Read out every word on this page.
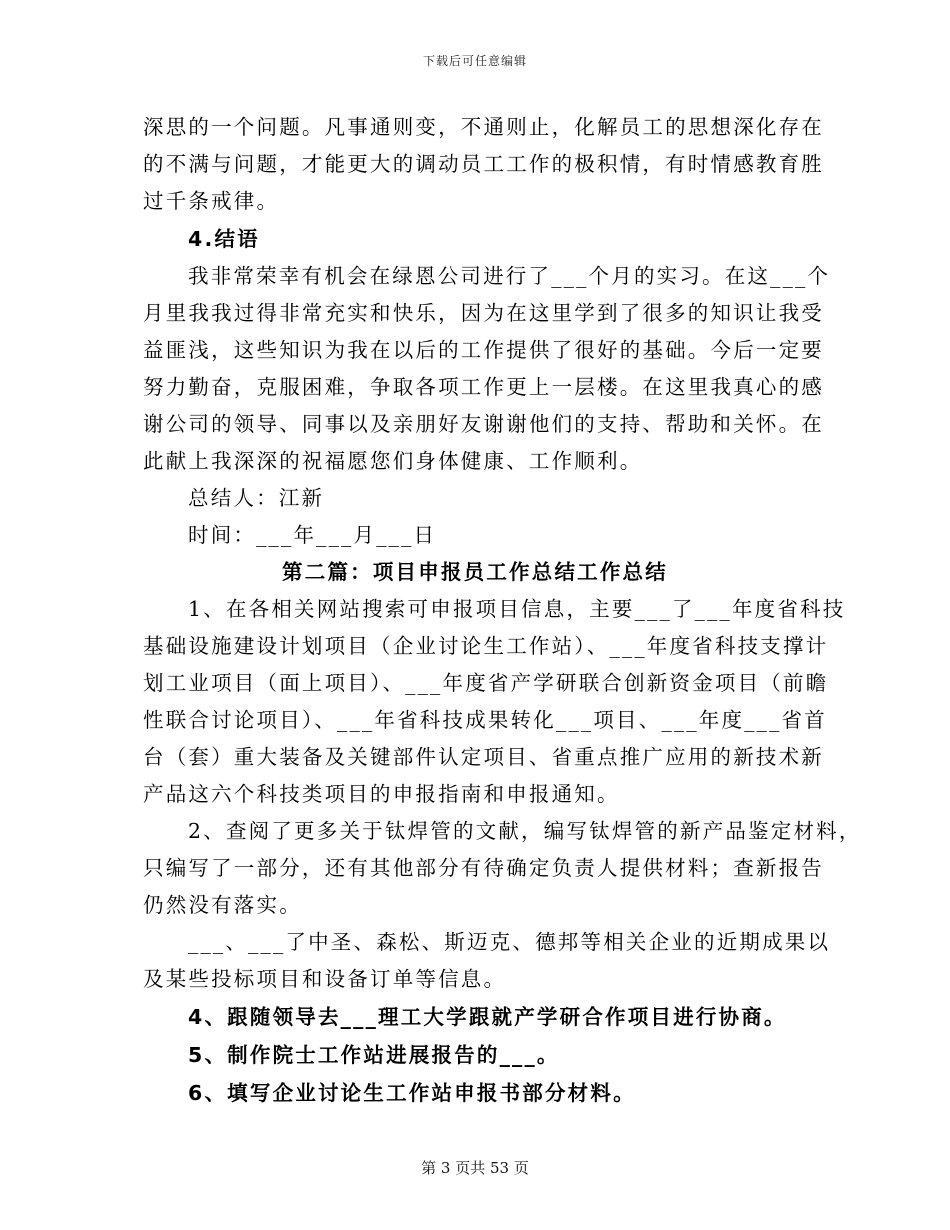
下载后可任意编辑
深思的一个问题。凡事通则变，不通则止，化解员工的思想深化存在
的不满与问题，才能更大的调动员工工作的极积情，有时情感教育胜
过千条戒律。
4.结语
我非常荣幸有机会在绿恩公司进行了___个月的实习。在这___个
月里我我过得非常充实和快乐，因为在这里学到了很多的知识让我受
益匪浅，这些知识为我在以后的工作提供了很好的基础。今后一定要
努力勤奋，克服困难，争取各项工作更上一层楼。在这里我真心的感
谢公司的领导、同事以及亲朋好友谢谢他们的支持、帮助和关怀。在
此献上我深深的祝福愿您们身体健康、工作顺利。
总结人：江新
时间：___年___月___日
第二篇：项目申报员工作总结工作总结
1、在各相关网站搜索可申报项目信息，主要___了___年度省科技
基础设施建设计划项目（企业讨论生工作站）、___年度省科技支撑计
划工业项目（面上项目）、___年度省产学研联合创新资金项目（前瞻
性联合讨论项目）、___年省科技成果转化___项目、___年度___省首
台（套）重大装备及关键部件认定项目、省重点推广应用的新技术新
产品这六个科技类项目的申报指南和申报通知。
2、查阅了更多关于钛焊管的文献，编写钛焊管的新产品鉴定材料，
只编写了一部分，还有其他部分有待确定负责人提供材料；查新报告
仍然没有落实。
___、___了中圣、森松、斯迈克、德邦等相关企业的近期成果以
及某些投标项目和设备订单等信息。
4、跟随领导去___理工大学跟就产学研合作项目进行协商。
5、制作院士工作站进展报告的___。
6、填写企业讨论生工作站申报书部分材料。
第 3 页共 53 页
